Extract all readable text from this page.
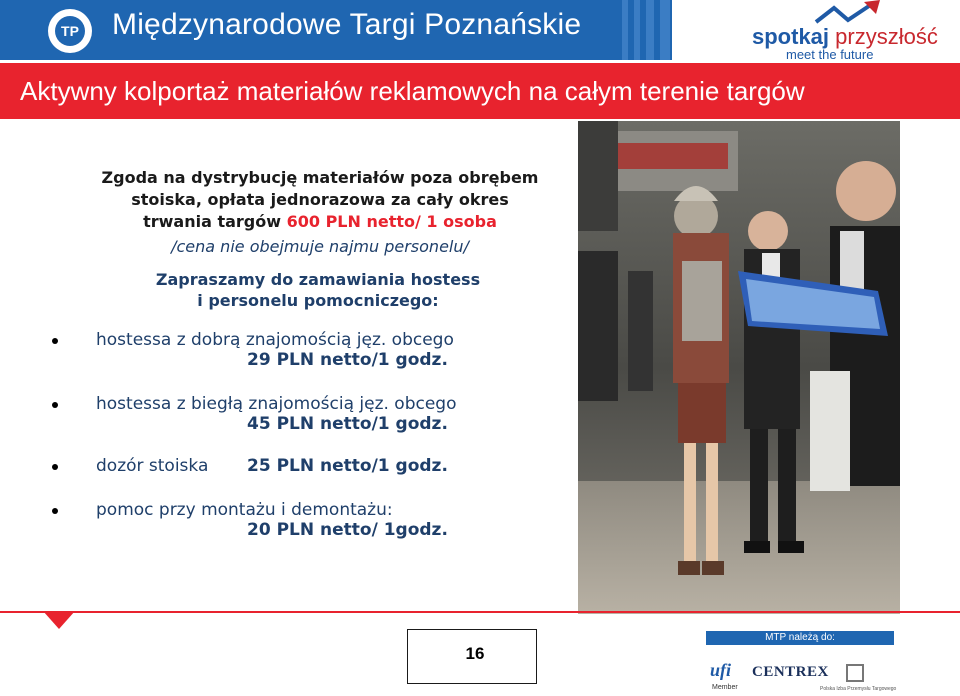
TP Międzynarodowe Targi Poznańskie	spotkaj przyszłość
meet the future
Aktywny kolportaż materiałów reklamowych na całym terenie targów
Zgoda na dystrybucję materiałów poza obrębem
stoiska, opłata jednorazowa za cały okres
trwania targów 600 PLN netto/ 1 osoba
/cena nie obejmuje najmu personelu/
Zapraszamy do zamawiania hostess
i personelu pomocniczego:
hostessa z dobrą znajomością jęz. obcego
29 PLN netto/1 godz.
hostessa z biegłą znajomością jęz. obcego
45 PLN netto/1 godz.
dozór stoiska 25 PLN netto/1 godz.
pomoc przy montażu i demontażu:
20 PLN netto/ 1godz.
16
MTP należą do:
ufi
Member
CENTREX
Polska Izba Przemysłu Targowego
